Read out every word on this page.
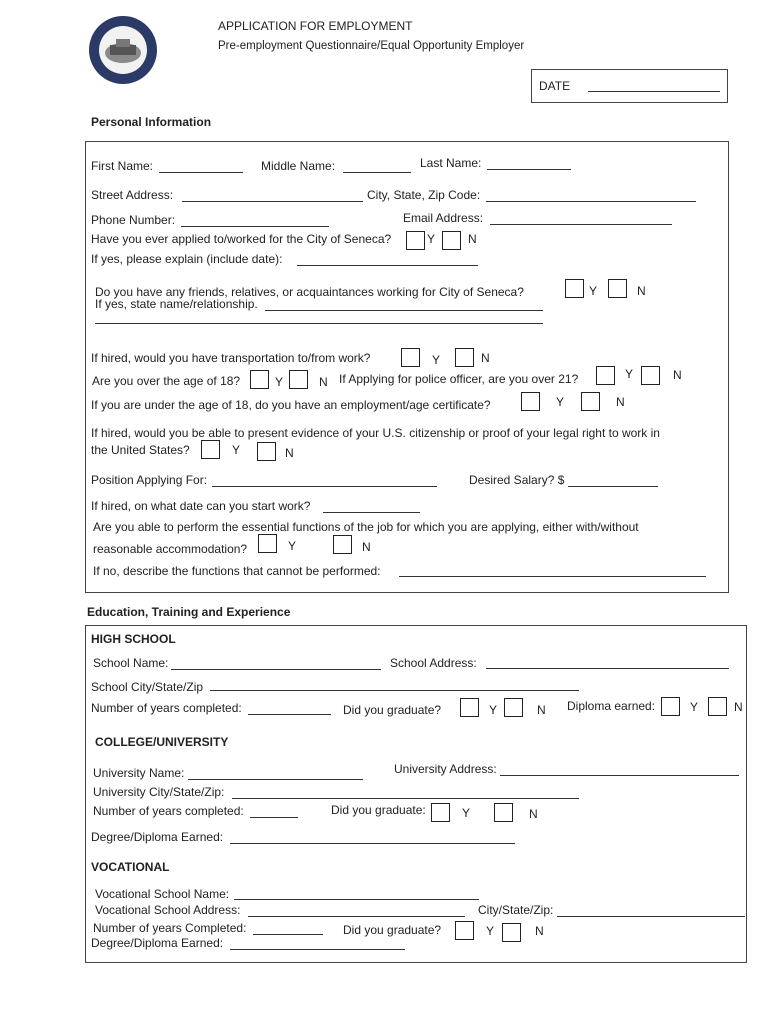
APPLICATION FOR EMPLOYMENT
Pre-employment Questionnaire/Equal Opportunity Employer
DATE
Personal Information
First Name:	Middle Name:	Last Name:
Street Address:	City, State, Zip Code:
Phone Number:	Email Address:
Have you ever applied to/worked for the City of Seneca?	Y	N
If yes, please explain (include date):
Do you have any friends, relatives, or acquaintances working for City of Seneca?	Y	N
If yes, state name/relationship.
If hired, would you have transportation to/from work?	Y	N
Are you over the age of 18?	Y	N If Applying for police officer, are you over 21?	Y	N
If you are under the age of 18, do you have an employment/age certificate?	Y	N
If hired, would you be able to present evidence of your U.S. citizenship or proof of your legal right to work in
the United States?	Y	N
Position Applying For:	Desired Salary? $
If hired, on what date can you start work?
Are you able to perform the essential functions of the job for which you are applying, either with/without
reasonable accommodation?	Y	N
If no, describe the functions that cannot be performed:
Education, Training and Experience
HIGH SCHOOL
School Name:	School Address:
School City/State/Zip
Number of years completed:	Did you graduate?	Y	N Diploma earned:	Y	N
COLLEGE/UNIVERSITY
University Name:	University Address:
University City/State/Zip:
Number of years completed:	Did you graduate:	Y	N
Degree/Diploma Earned:
VOCATIONAL
Vocational School Name:
Vocational School Address:	City/State/Zip:
Number of years Completed:	Did you graduate?	Y	N
Degree/Diploma Earned:
